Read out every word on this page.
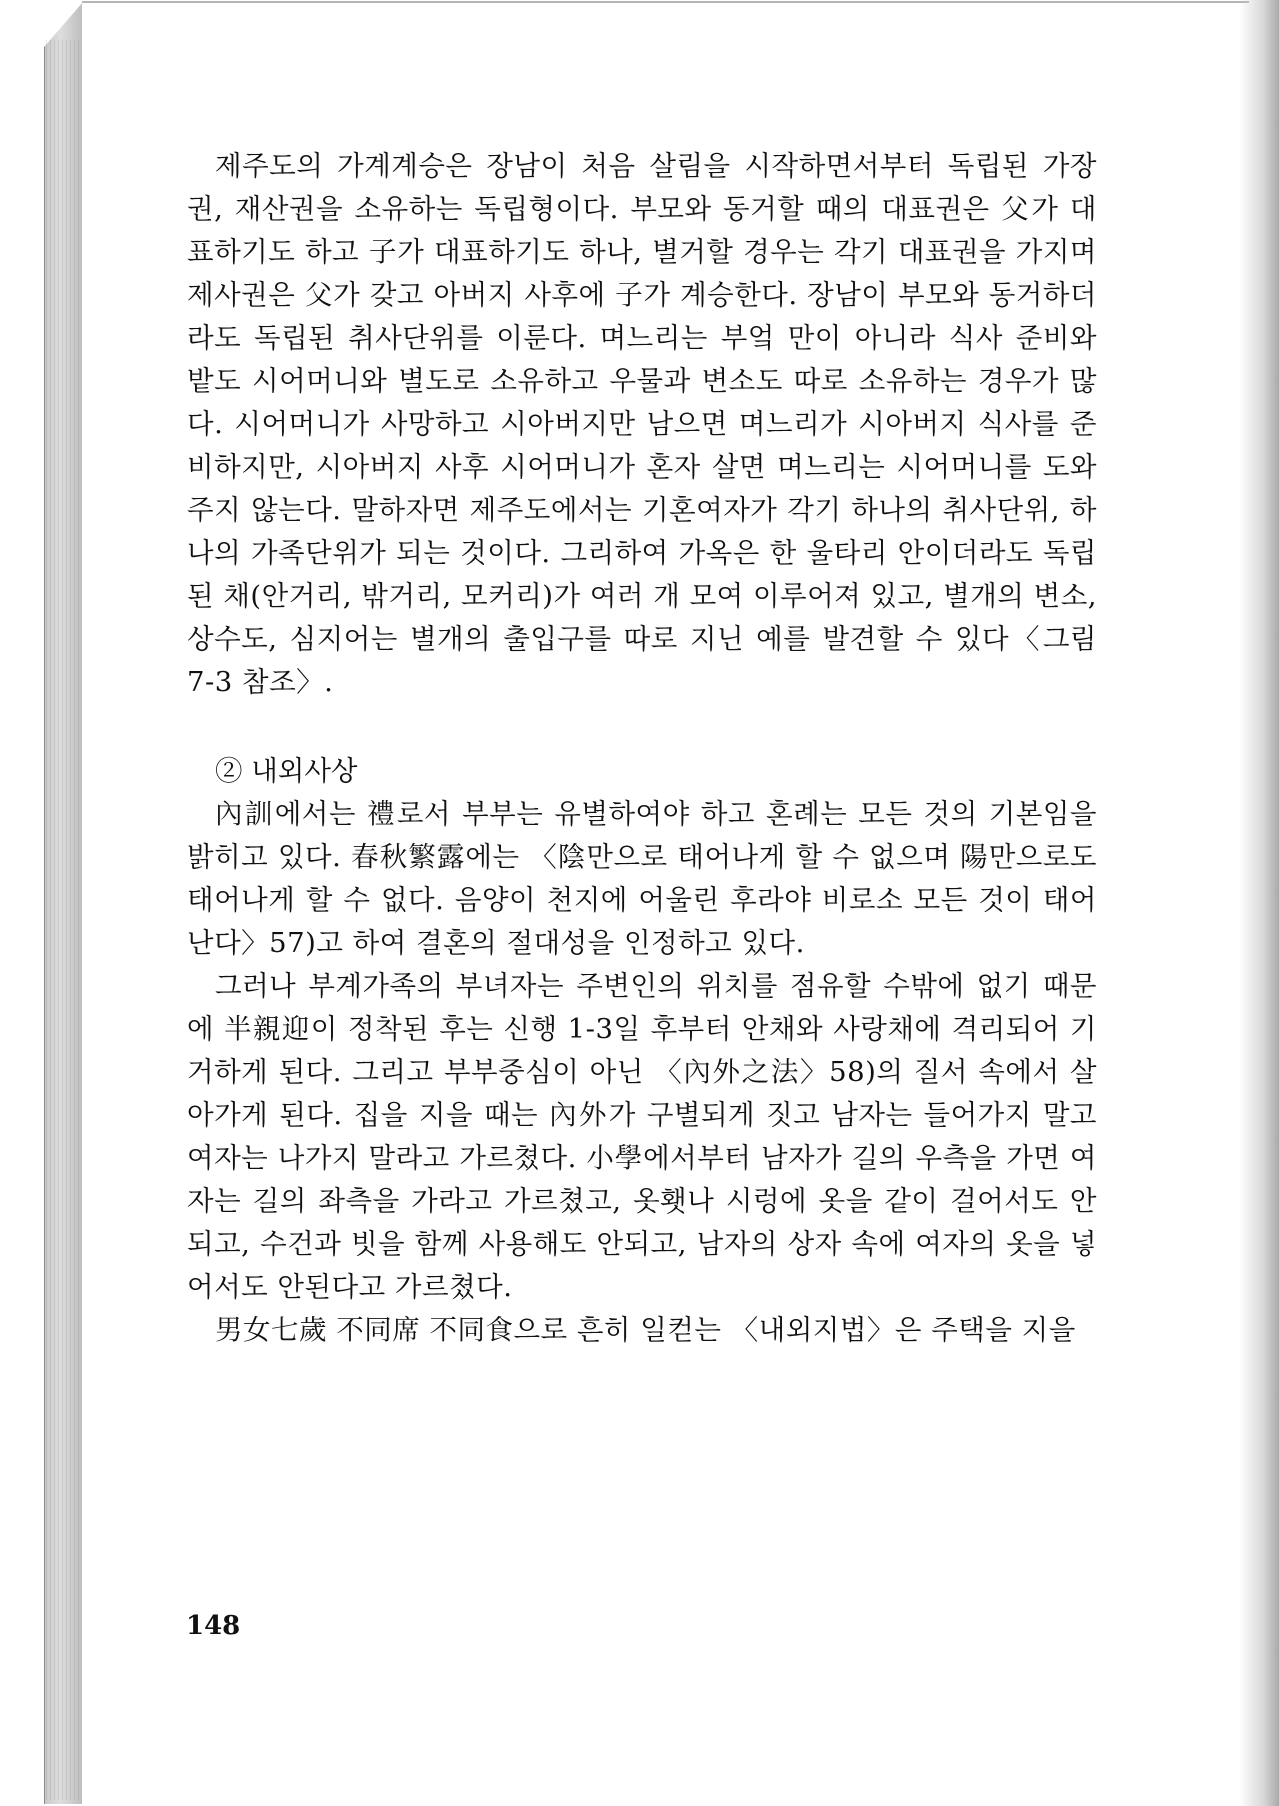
제주도의 가계계승은 장남이 처음 살림을 시작하면서부터 독립된 가장권, 재산권을 소유하는 독립형이다. 부모와 동거할 때의 대표권은 父가 대표하기도 하고 子가 대표하기도 하나, 별거할 경우는 각기 대표권을 가지며 제사권은 父가 갖고 아버지 사후에 子가 계승한다. 장남이 부모와 동거하더라도 독립된 취사단위를 이룬다. 며느리는 부엌 만이 아니라 식사 준비와 밭도 시어머니와 별도로 소유하고 우물과 변소도 따로 소유하는 경우가 많다. 시어머니가 사망하고 시아버지만 남으면 며느리가 시아버지 식사를 준비하지만, 시아버지 사후 시어머니가 혼자 살면 며느리는 시어머니를 도와 주지 않는다. 말하자면 제주도에서는 기혼여자가 각기 하나의 취사단위, 하나의 가족단위가 되는 것이다. 그리하여 가옥은 한 울타리 안이더라도 독립된 채(안거리, 밖거리, 모커리)가 여러 개 모여 이루어져 있고, 별개의 변소, 상수도, 심지어는 별개의 출입구를 따로 지닌 예를 발견할 수 있다〈그림 7-3 참조〉.

② 내외사상

內訓에서는 禮로서 부부는 유별하여야 하고 혼례는 모든 것의 기본임을 밝히고 있다. 春秋繁露에는 〈陰만으로 태어나게 할 수 없으며 陽만으로도 태어나게 할 수 없다. 음양이 천지에 어울린 후라야 비로소 모든 것이 태어난다〉57)고 하여 결혼의 절대성을 인정하고 있다.

그러나 부계가족의 부녀자는 주변인의 위치를 점유할 수밖에 없기 때문에 半親迎이 정착된 후는 신행 1-3일 후부터 안채와 사랑채에 격리되어 기거하게 된다. 그리고 부부중심이 아닌 〈內外之法〉58)의 질서 속에서 살아가게 된다. 집을 지을 때는 內外가 구별되게 짓고 남자는 들어가지 말고 여자는 나가지 말라고 가르쳤다. 小學에서부터 남자가 길의 우측을 가면 여자는 길의 좌측을 가라고 가르쳤고, 옷횃나 시렁에 옷을 같이 걸어서도 안되고, 수건과 빗을 함께 사용해도 안되고, 남자의 상자 속에 여자의 옷을 넣어서도 안된다고 가르쳤다.

男女七歲 不同席 不同食으로 흔히 일컫는 〈내외지법〉은 주택을 지을

148
